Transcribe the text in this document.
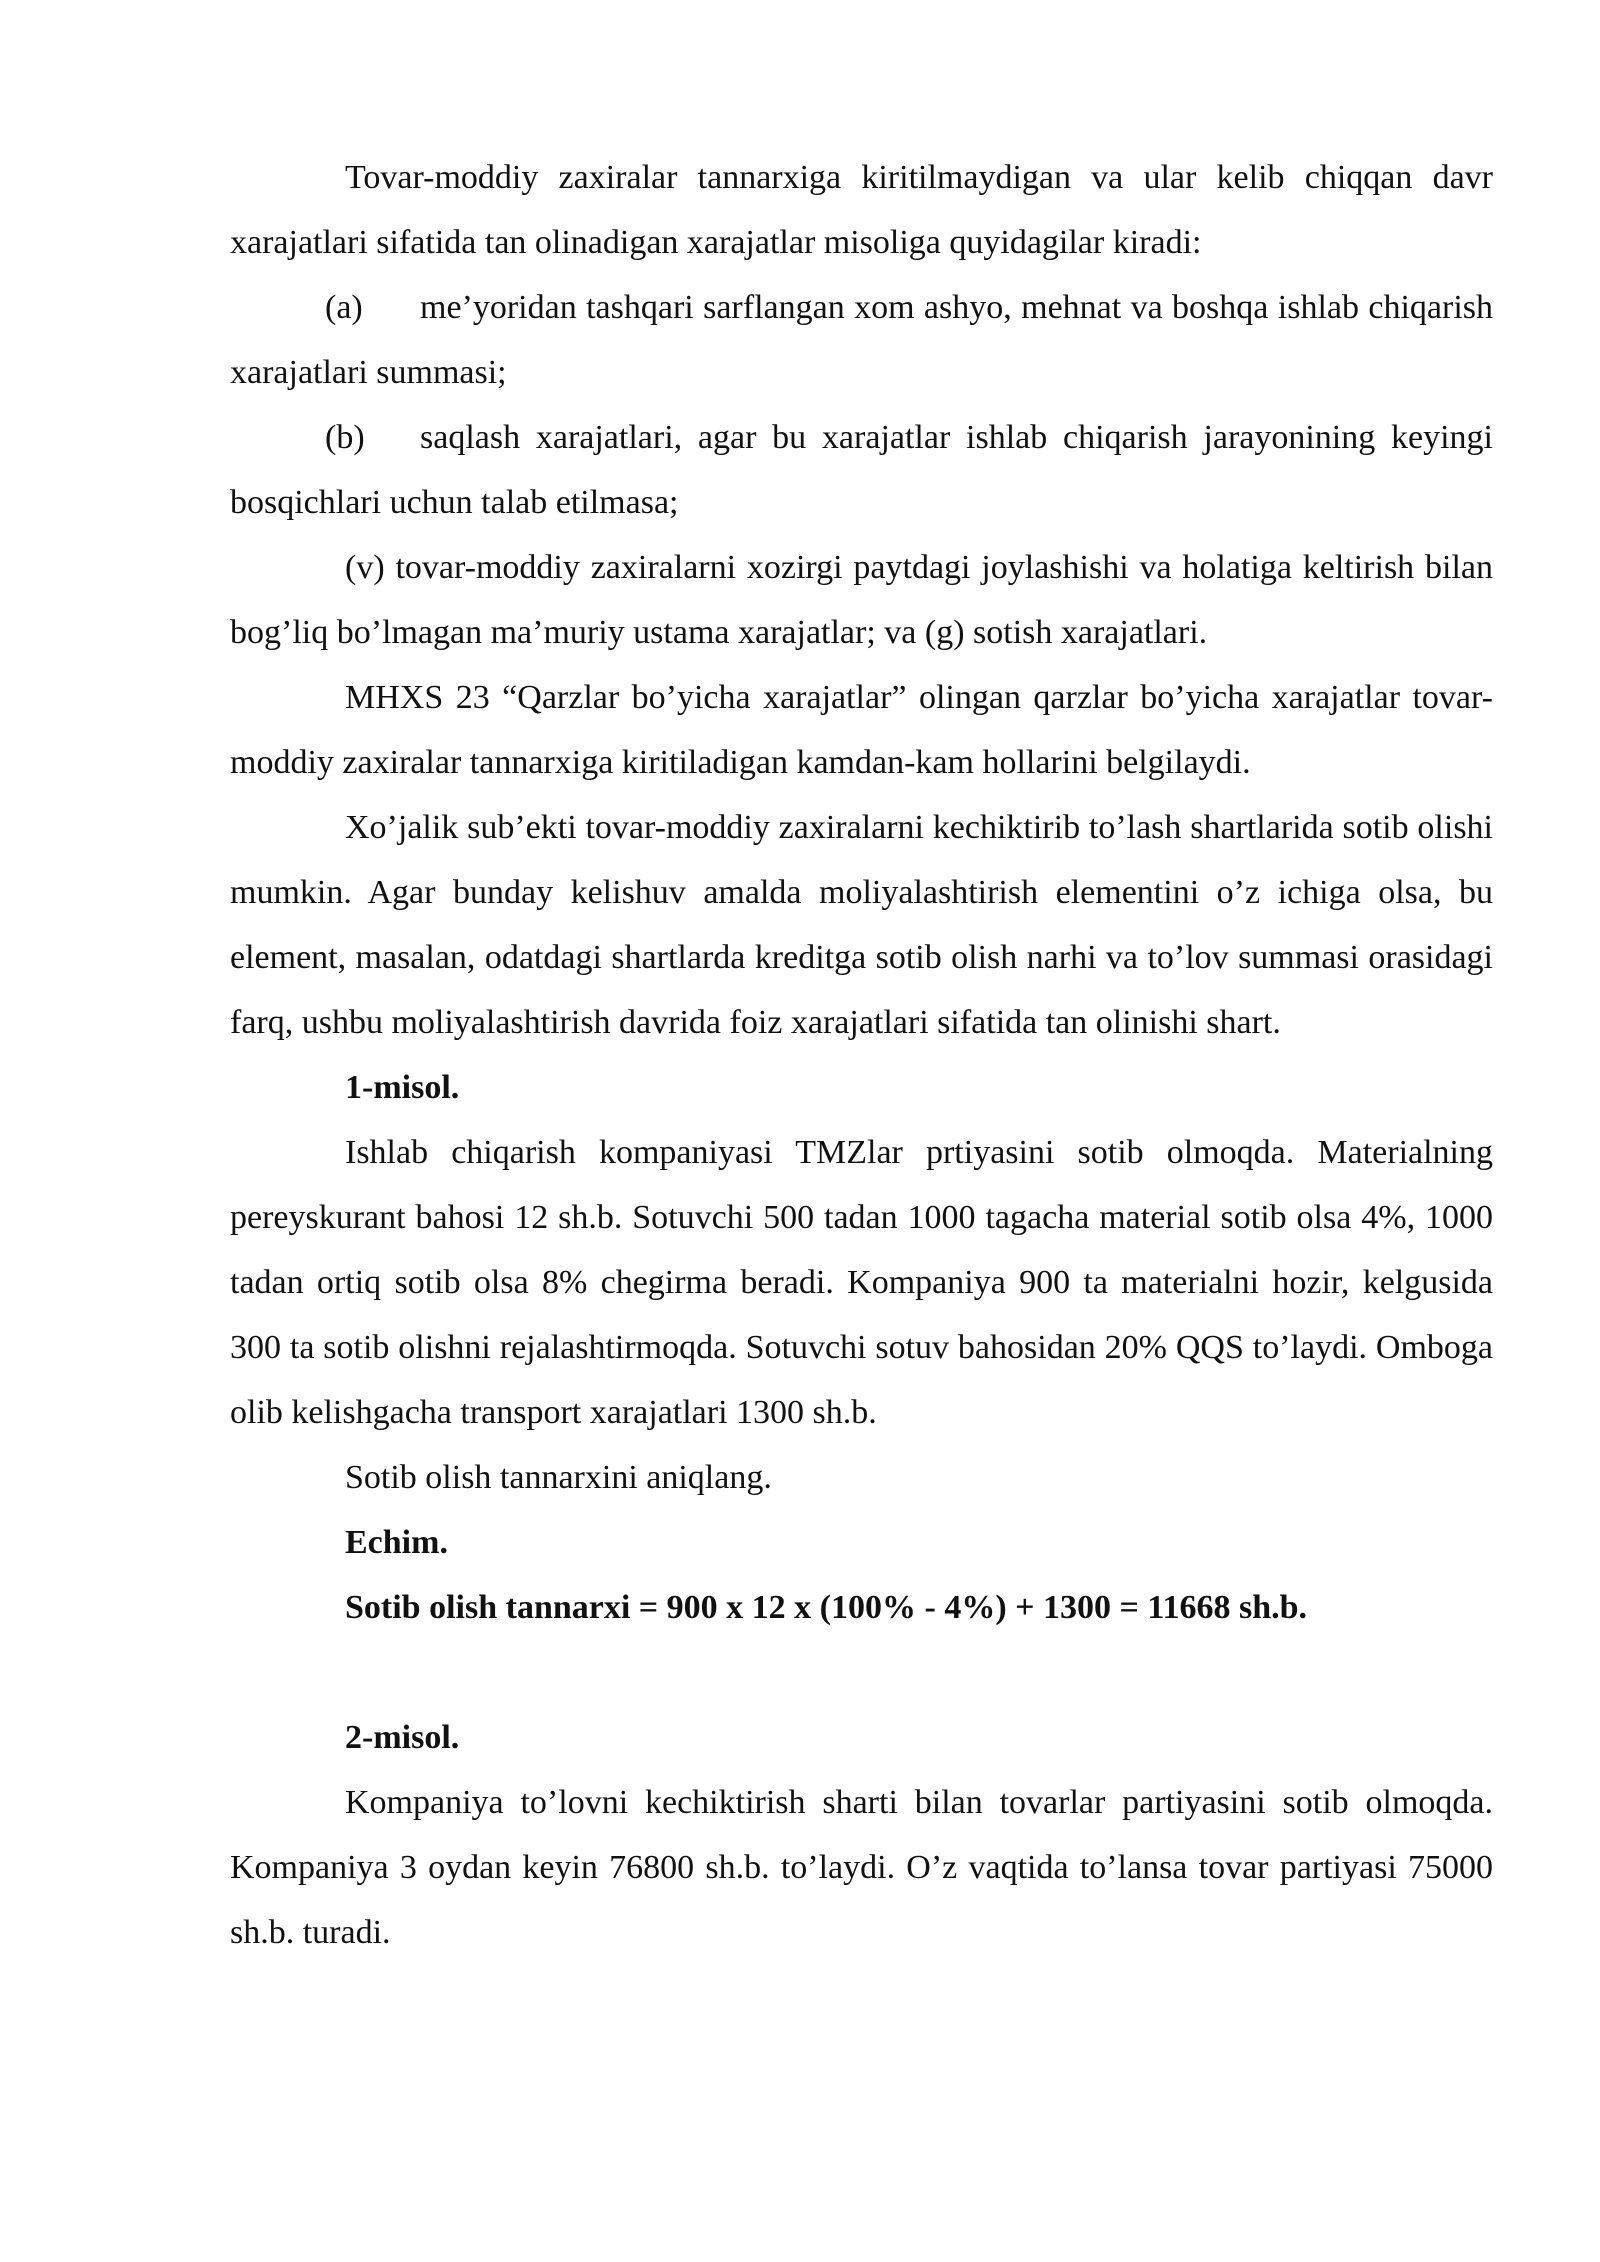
Tovar-moddiy zaxiralar tannarxiga kiritilmaydigan va ular kelib chiqqan davr xarajatlari sifatida tan olinadigan xarajatlar misoliga quyidagilar kiradi:

(a) me’yoridan tashqari sarflangan xom ashyo, mehnat va boshqa ishlab chiqarish xarajatlari summasi;

(b) saqlash xarajatlari, agar bu xarajatlar ishlab chiqarish jarayonining keyingi bosqichlari uchun talab etilmasa;

(v) tovar-moddiy zaxiralarni xozirgi paytdagi joylashishi va holatiga keltirish bilan bog’liq bo’lmagan ma’muriy ustama xarajatlar; va (g) sotish xarajatlari.

MHXS 23 “Qarzlar bo’yicha xarajatlar” olingan qarzlar bo’yicha xarajatlar tovar-moddiy zaxiralar tannarxiga kiritiladigan kamdan-kam hollarini belgilaydi.

Xo’jalik sub’ekti tovar-moddiy zaxiralarni kechiktirib to’lash shartlarida sotib olishi mumkin. Agar bunday kelishuv amalda moliyalashtirish elementini o’z ichiga olsa, bu element, masalan, odatdagi shartlarda kreditga sotib olish narhi va to’lov summasi orasidagi farq, ushbu moliyalashtirish davrida foiz xarajatlari sifatida tan olinishi shart.

1-misol.

Ishlab chiqarish kompaniyasi TMZlar prtiyasini sotib olmoqda. Materialning pereyskurant bahosi 12 sh.b. Sotuvchi 500 tadan 1000 tagacha material sotib olsa 4%, 1000 tadan ortiq sotib olsa 8% chegirma beradi. Kompaniya 900 ta materialni hozir, kelgusida 300 ta sotib olishni rejalashtirmoqda. Sotuvchi sotuv bahosidan 20% QQS to’laydi. Omboga olib kelishgacha transport xarajatlari 1300 sh.b.

Sotib olish tannarxini aniqlang.

Echim.

Sotib olish tannarxi = 900 x 12 x (100% - 4%) + 1300 = 11668 sh.b.

2-misol.

Kompaniya to’lovni kechiktirish sharti bilan tovarlar partiyasini sotib olmoqda. Kompaniya 3 oydan keyin 76800 sh.b. to’laydi. O’z vaqtida to’lansa tovar partiyasi 75000 sh.b. turadi.
